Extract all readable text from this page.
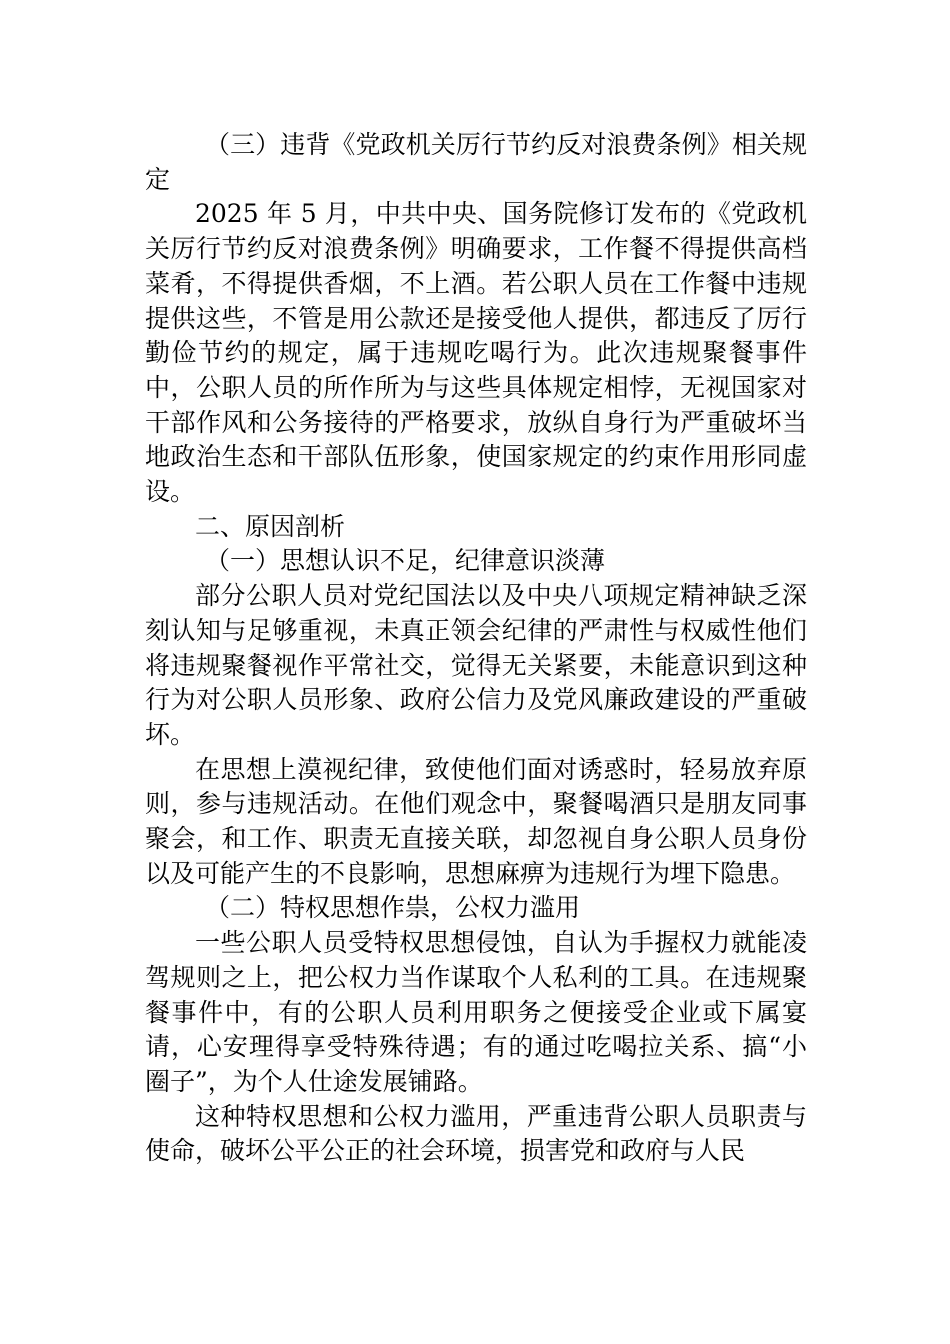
（三）违背《党政机关厉行节约反对浪费条例》相关规定

2025 年 5 月，中共中央、国务院修订发布的《党政机关厉行节约反对浪费条例》明确要求，工作餐不得提供高档菜肴，不得提供香烟，不上酒。若公职人员在工作餐中违规提供这些，不管是用公款还是接受他人提供，都违反了厉行勤俭节约的规定，属于违规吃喝行为。此次违规聚餐事件中，公职人员的所作所为与这些具体规定相悖，无视国家对干部作风和公务接待的严格要求，放纵自身行为严重破坏当地政治生态和干部队伍形象，使国家规定的约束作用形同虚设。

二、原因剖析

（一）思想认识不足，纪律意识淡薄

部分公职人员对党纪国法以及中央八项规定精神缺乏深刻认知与足够重视，未真正领会纪律的严肃性与权威性他们将违规聚餐视作平常社交，觉得无关紧要，未能意识到这种行为对公职人员形象、政府公信力及党风廉政建设的严重破坏。

在思想上漠视纪律，致使他们面对诱惑时，轻易放弃原则，参与违规活动。在他们观念中，聚餐喝酒只是朋友同事聚会，和工作、职责无直接关联，却忽视自身公职人员身份以及可能产生的不良影响，思想麻痹为违规行为埋下隐患。

（二）特权思想作祟，公权力滥用

一些公职人员受特权思想侵蚀，自认为手握权力就能凌驾规则之上，把公权力当作谋取个人私利的工具。在违规聚餐事件中，有的公职人员利用职务之便接受企业或下属宴请，心安理得享受特殊待遇；有的通过吃喝拉关系、搞“小圈子”，为个人仕途发展铺路。

这种特权思想和公权力滥用，严重违背公职人员职责与使命，破坏公平公正的社会环境，损害党和政府与人民
